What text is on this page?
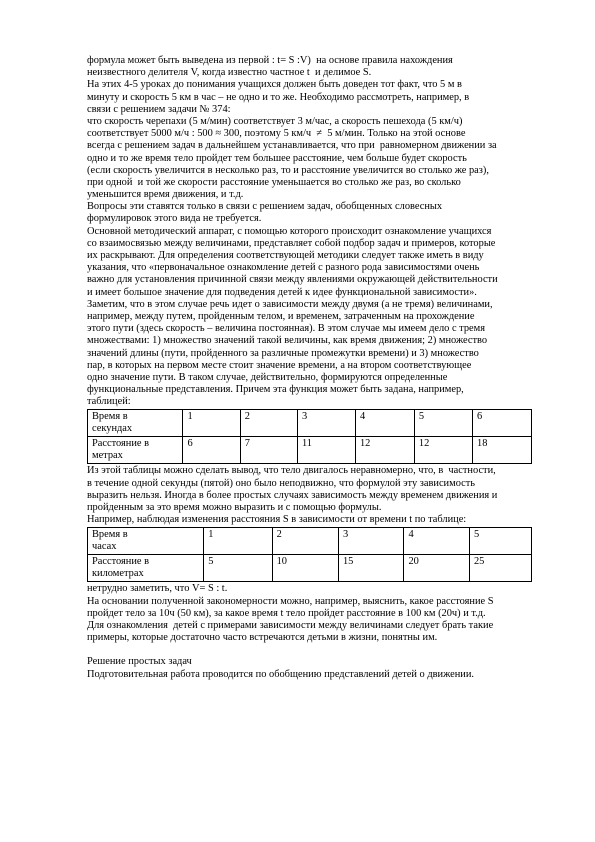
формула может быть выведена из первой : t= S :V)  на основе правила нахождения
неизвестного делителя V, когда известно частное t  и делимое S.
На этих 4-5 уроках до понимания учащихся должен быть доведен тот факт, что 5 м в
минуту и скорость 5 км в час – не одно и то же. Необходимо рассмотреть, например, в
связи с решением задачи № 374:
что скорость черепахи (5 м/мин) соответствует 3 м/час, а скорость пешехода (5 км/ч)
соответствует 5000 м/ч : 500 ≈ 300, поэтому 5 км/ч  ≠  5 м/мин. Только на этой основе
всегда с решением задач в дальнейшем устанавливается, что при  равномерном движении за
одно и то же время тело пройдет тем большее расстояние, чем больше будет скорость
(если скорость увеличится в несколько раз, то и расстояние увеличится во столько же раз),
при одной  и той же скорости расстояние уменьшается во столько же раз, во сколько
уменьшится время движения, и т.д.
Вопросы эти ставятся только в связи с решением задач, обобщенных словесных
формулировок этого вида не требуется.
Основной методический аппарат, с помощью которого происходит ознакомление учащихся
со взаимосвязью между величинами, представляет собой подбор задач и примеров, которые
их раскрывают. Для определения соответствующей методики следует также иметь в виду
указания, что «первоначальное ознакомление детей с разного рода зависимостями очень
важно для установления причинной связи между явлениями окружающей действительности
и имеет большое значение для подведения детей к идее функциональной зависимости».
Заметим, что в этом случае речь идет о зависимости между двумя (а не тремя) величинами,
например, между путем, пройденным телом, и временем, затраченным на прохождение
этого пути (здесь скорость – величина постоянная). В этом случае мы имеем дело с тремя
множествами: 1) множество значений такой величины, как время движения; 2) множество
значений длины (пути, пройденного за различные промежутки времени) и 3) множество
пар, в которых на первом месте стоит значение времени, а на втором соответствующее
одно значение пути. В таком случае, действительно, формируются определенные
функциональные представления. Причем эта функция может быть задана, например,
таблицей:
Время в
секундах	1	2	3	4	5	6

Расстояние в
метрах	6	7	11	12	12	18
Из этой таблицы можно сделать вывод, что тело двигалось неравномерно, что, в  частности,
в течение одной секунды (пятой) оно было неподвижно, что формулой эту зависимость
выразить нельзя. Иногда в более простых случаях зависимость между временем движения и
пройденным за это время можно выразить и с помощью формулы.
Например, наблюдая изменения расстояния S в зависимости от времени t по таблице:
Время в
часах	1	2	3	4	5

Расстояние в
километрах	5	10	15	20	25
нетрудно заметить, что V= S : t.
На основании полученной закономерности можно, например, выяснить, какое расстояние S
пройдет тело за 10ч (50 км), за какое время t тело пройдет расстояние в 100 км (20ч) и т.д.
Для ознакомления  детей с примерами зависимости между величинами следует брать такие
примеры, которые достаточно часто встречаются детьми в жизни, понятны им.
Решение простых задач
Подготовительная работа проводится по обобщению представлений детей о движении.
